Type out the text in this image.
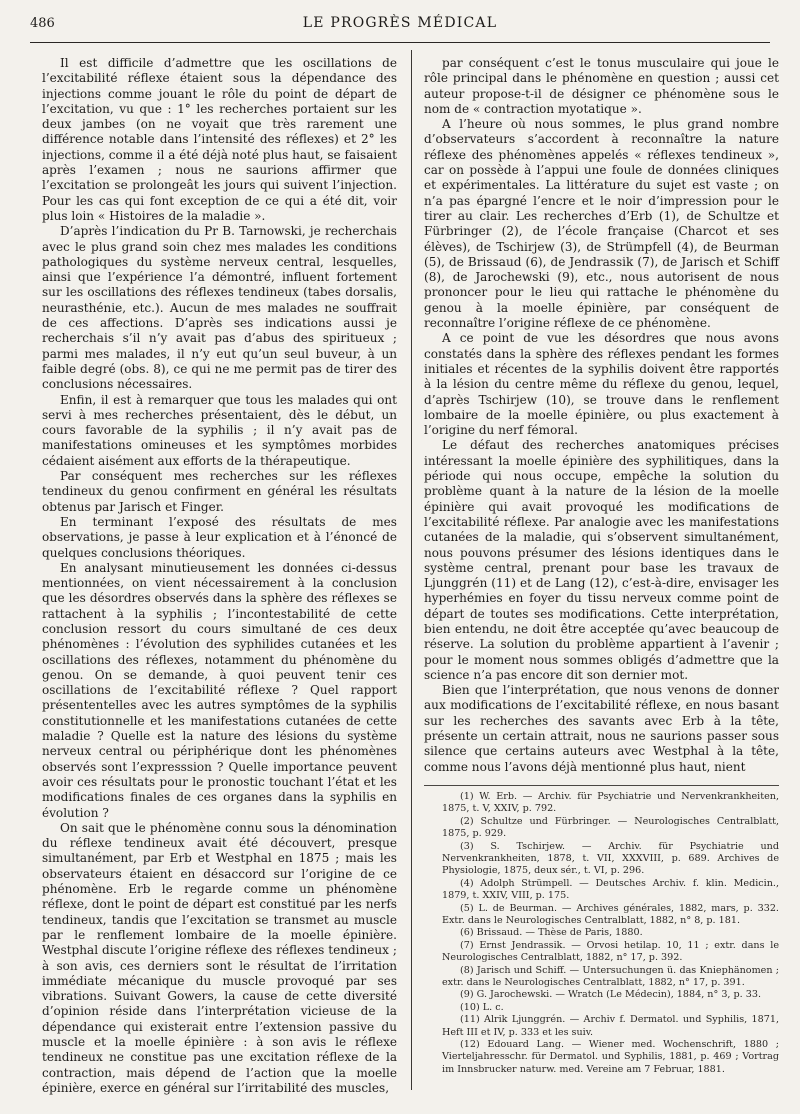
486	LE PROGRÈS MÉDICAL

Il est difficile d’admettre que les oscillations de l’excitabilité réflexe étaient sous la dépendance des injections comme jouant le rôle du point de départ de l’excitation, vu que : 1° les recherches portaient sur les deux jambes (on ne voyait que très rarement une différence notable dans l’intensité des réflexes) et 2° les injections, comme il a été déjà noté plus haut, se faisaient après l’examen ; nous ne saurions affirmer que l’excitation se prolongeât les jours qui suivent l’injection. Pour les cas qui font exception de ce qui a été dit, voir plus loin « Histoires de la maladie ».

D’après l’indication du Pr B. Tarnowski, je recherchais avec le plus grand soin chez mes malades les conditions pathologiques du système nerveux central, lesquelles, ainsi que l’expérience l’a démontré, influent fortement sur les oscillations des réflexes tendineux (tabes dorsalis, neurasthénie, etc.). Aucun de mes malades ne souffrait de ces affections. D’après ses indications aussi je recherchais s’il n’y avait pas d’abus des spiritueux ; parmi mes malades, il n’y eut qu’un seul buveur, à un faible degré (obs. 8), ce qui ne me permit pas de tirer des conclusions nécessaires.

Enfin, il est à remarquer que tous les malades qui ont servi à mes recherches présentaient, dès le début, un cours favorable de la syphilis ; il n’y avait pas de manifestations omineuses et les symptômes morbides cédaient aisément aux efforts de la thérapeutique.

Par conséquent mes recherches sur les réflexes tendineux du genou confirment en général les résultats obtenus par Jarisch et Finger.

En terminant l’exposé des résultats de mes observations, je passe à leur explication et à l’énoncé de quelques conclusions théoriques.

En analysant minutieusement les données ci-dessus mentionnées, on vient nécessairement à la conclusion que les désordres observés dans la sphère des réflexes se rattachent à la syphilis ; l’incontestabilité de cette conclusion ressort du cours simultané de ces deux phénomènes : l’évolution des syphilides cutanées et les oscillations des réflexes, notamment du phénomène du genou. On se demande, à quoi peuvent tenir ces oscillations de l’excitabilité réflexe ? Quel rapport présententelles avec les autres symptômes de la syphilis constitutionnelle et les manifestations cutanées de cette maladie ? Quelle est la nature des lésions du système nerveux central ou périphérique dont les phénomènes observés sont l’expresssion ? Quelle importance peuvent avoir ces résultats pour le pronostic touchant l’état et les modifications finales de ces organes dans la syphilis en évolution ?

On sait que le phénomène connu sous la dénomination du réflexe tendineux avait été découvert, presque simultanément, par Erb et Westphal en 1875 ; mais les observateurs étaient en désaccord sur l’origine de ce phénomène. Erb le regarde comme un phénomène réflexe, dont le point de départ est constitué par les nerfs tendineux, tandis que l’excitation se transmet au muscle par le renflement lombaire de la moelle épinière. Westphal discute l’origine réflexe des réflexes tendineux ; à son avis, ces derniers sont le résultat de l’irritation immédiate mécanique du muscle provoqué par ses vibrations. Suivant Gowers, la cause de cette diversité d’opinion réside dans l’interprétation vicieuse de la dépendance qui existerait entre l’extension passive du muscle et la moelle épinière : à son avis le réflexe tendineux ne constitue pas une excitation réflexe de la contraction, mais dépend de l’action que la moelle épinière, exerce en général sur l’irritabilité des muscles,

par conséquent c’est le tonus musculaire qui joue le rôle principal dans le phénomène en question ; aussi cet auteur propose-t-il de désigner ce phénomène sous le nom de « contraction myotatique ».

A l’heure où nous sommes, le plus grand nombre d’observateurs s’accordent à reconnaître la nature réflexe des phénomènes appelés « réflexes tendineux », car on possède à l’appui une foule de données cliniques et expérimentales. La littérature du sujet est vaste ; on n’a pas épargné l’encre et le noir d’impression pour le tirer au clair. Les recherches d’Erb (1), de Schultze et Fürbringer (2), de l’école française (Charcot et ses élèves), de Tschirjew (3), de Strümpfell (4), de Beurman (5), de Brissaud (6), de Jendrassik (7), de Jarisch et Schiff (8), de Jarochewski (9), etc., nous autorisent de nous prononcer pour le lieu qui rattache le phénomène du genou à la moelle épinière, par conséquent de reconnaître l’origine réflexe de ce phénomène.

A ce point de vue les désordres que nous avons constatés dans la sphère des réflexes pendant les formes initiales et récentes de la syphilis doivent être rapportés à la lésion du centre même du réflexe du genou, lequel, d’après Tschirjew (10), se trouve dans le renflement lombaire de la moelle épinière, ou plus exactement à l’origine du nerf fémoral.

Le défaut des recherches anatomiques précises intéressant la moelle épinière des syphilitiques, dans la période qui nous occupe, empêche la solution du problème quant à la nature de la lésion de la moelle épinière qui avait provoqué les modifications de l’excitabilité réflexe. Par analogie avec les manifestations cutanées de la maladie, qui s’observent simultanément, nous pouvons présumer des lésions identiques dans le système central, prenant pour base les travaux de Ljunggrén (11) et de Lang (12), c’est-à-dire, envisager les hyperhémies en foyer du tissu nerveux comme point de départ de toutes ses modifications. Cette interprétation, bien entendu, ne doit être acceptée qu’avec beaucoup de réserve. La solution du problème appartient à l’avenir ; pour le moment nous sommes obligés d’admettre que la science n’a pas encore dit son dernier mot.

Bien que l’interprétation, que nous venons de donner aux modifications de l’excitabilité réflexe, en nous basant sur les recherches des savants avec Erb à la tête, présente un certain attrait, nous ne saurions passer sous silence que certains auteurs avec Westphal à la tête, comme nous l’avons déjà mentionné plus haut, nient

(1) W. Erb. — Archiv. für Psychiatrie und Nervenkrankheiten, 1875, t. V, XXIV, p. 792.

(2) Schultze und Fürbringer. — Neurologisches Centralblatt, 1875, p. 929.

(3) S. Tschirjew. — Archiv. für Psychiatrie und Nervenkrankheiten, 1878, t. VII, XXXVIII, p. 689. Archives de Physiologie, 1875, deux sér., t. VI, p. 296.

(4) Adolph Strümpell. — Deutsches Archiv. f. klin. Medicin., 1879, t. XXIV, VIII, p. 175.

(5) L. de Beurman. — Archives générales, 1882, mars, p. 332. Extr. dans le Neurologisches Centralblatt, 1882, n° 8, p. 181.

(6) Brissaud. — Thèse de Paris, 1880.

(7) Ernst Jendrassik. — Orvosi hetilap. 10, 11 ; extr. dans le Neurologisches Centralblatt, 1882, n° 17, p. 392.

(8) Jarisch und Schiff. — Untersuchungen ü. das Kniephänomen ; extr. dans le Neurologisches Centralblatt, 1882, n° 17, p. 391.

(9) G. Jarochewski. — Wratch (Le Médecin), 1884, n° 3, p. 33.

(10) L. c.

(11) Alrik Ljunggrén. — Archiv f. Dermatol. und Syphilis, 1871, Heft III et IV, p. 333 et les suiv.

(12) Edouard Lang. — Wiener med. Wochenschrift, 1880 ; Vierteljahresschr. für Dermatol. und Syphilis, 1881, p. 469 ; Vortrag im Innsbrucker naturw. med. Vereine am 7 Februar, 1881.
